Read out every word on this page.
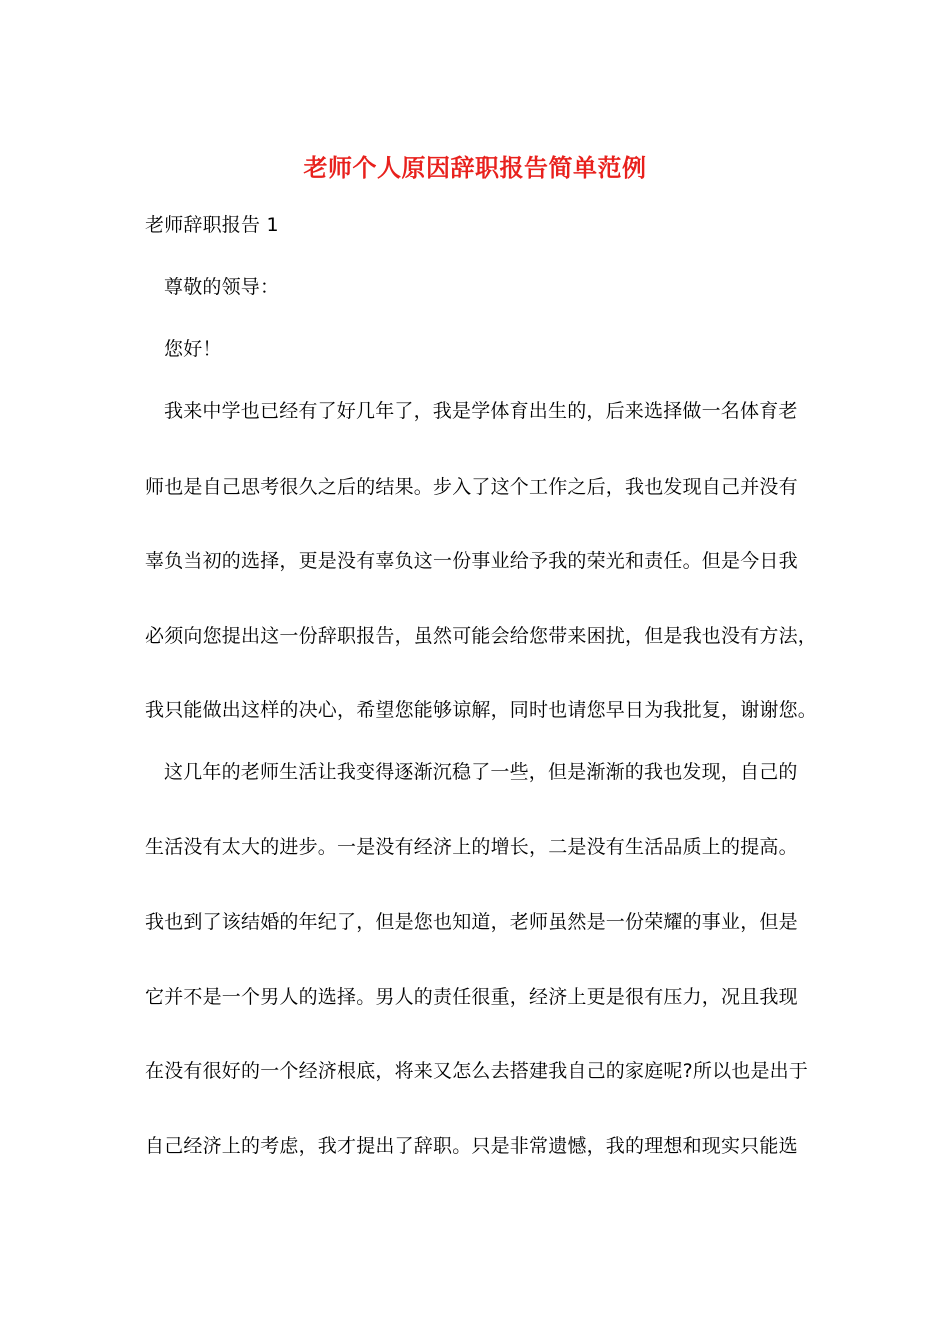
老师个人原因辞职报告简单范例
老师辞职报告 1
尊敬的领导：
您好！
我来中学也已经有了好几年了，我是学体育出生的，后来选择做一名体育老
师也是自己思考很久之后的结果。步入了这个工作之后，我也发现自己并没有
辜负当初的选择，更是没有辜负这一份事业给予我的荣光和责任。但是今日我
必须向您提出这一份辞职报告，虽然可能会给您带来困扰，但是我也没有方法，
我只能做出这样的决心，希望您能够谅解，同时也请您早日为我批复，谢谢您。
这几年的老师生活让我变得逐渐沉稳了一些，但是渐渐的我也发现，自己的
生活没有太大的进步。一是没有经济上的增长，二是没有生活品质上的提高。
我也到了该结婚的年纪了，但是您也知道，老师虽然是一份荣耀的事业，但是
它并不是一个男人的选择。男人的责任很重，经济上更是很有压力，况且我现
在没有很好的一个经济根底，将来又怎么去搭建我自己的家庭呢?所以也是出于
自己经济上的考虑，我才提出了辞职。只是非常遗憾，我的理想和现实只能选
